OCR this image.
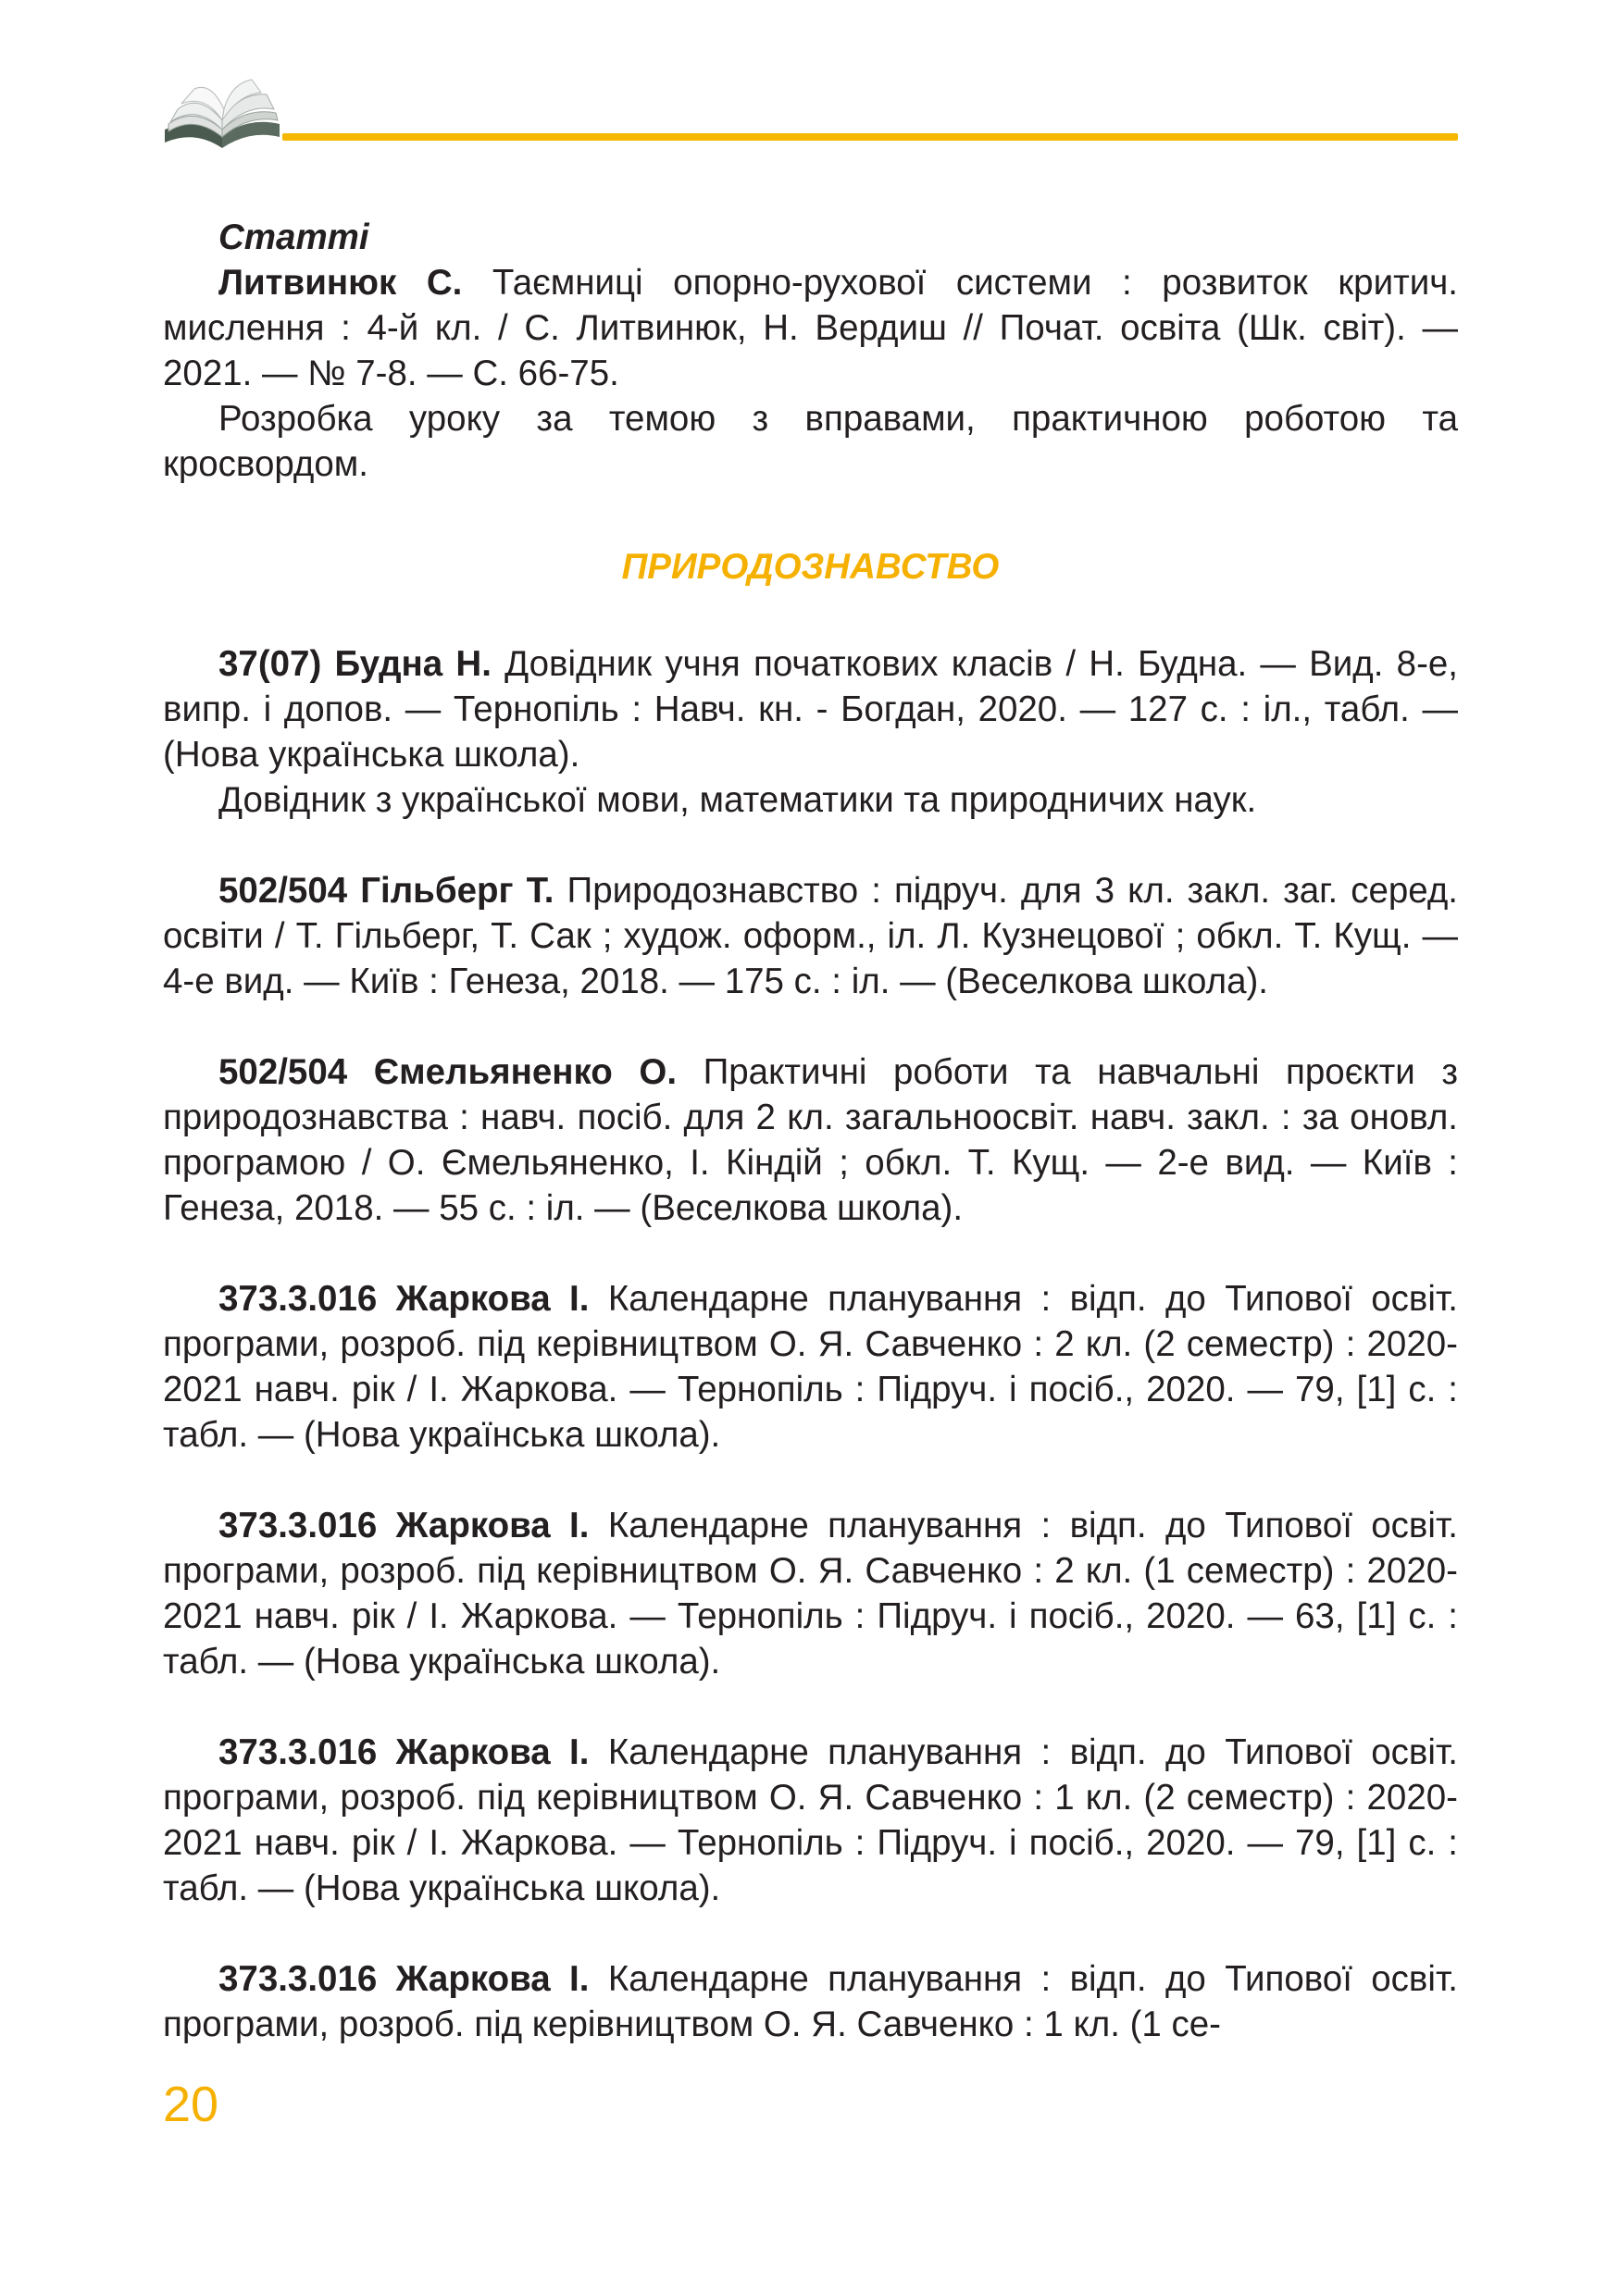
Статті

Литвинюк С. Таємниці опорно-рухової системи : розвиток критич. мислення : 4-й кл. / С. Литвинюк, Н. Вердиш // Почат. освіта (Шк. світ). — 2021. — № 7-8. — С. 66-75.

Розробка уроку за темою з вправами, практичною роботою та кросвордом.

ПРИРОДОЗНАВСТВО

37(07) Будна Н. Довідник учня початкових класів / Н. Будна. — Вид. 8-е, випр. і допов. — Тернопіль : Навч. кн. - Богдан, 2020. — 127 с. : іл., табл. — (Нова українська школа).

Довідник з української мови, математики та природничих наук.

502/504 Гільберг Т. Природознавство : підруч. для 3 кл. закл. заг. серед. освіти / Т. Гільберг, Т. Сак ; худож. оформ., іл. Л. Кузнецової ; обкл. Т. Кущ. — 4-е вид. — Київ : Генеза, 2018. — 175 с. : іл. — (Веселкова школа).

502/504 Ємельяненко О. Практичні роботи та навчальні проєкти з природознавства : навч. посіб. для 2 кл. загальноосвіт. навч. закл. : за оновл. програмою / О. Ємельяненко, І. Кіндій ; обкл. Т. Кущ. — 2-е вид. — Київ : Генеза, 2018. — 55 с. : іл. — (Веселкова школа).

373.3.016 Жаркова І. Календарне планування : відп. до Типової освіт. програми, розроб. під керівництвом О. Я. Савченко : 2 кл. (2 семестр) : 2020-2021 навч. рік / І. Жаркова. — Тернопіль : Підруч. і посіб., 2020. — 79, [1] с. : табл. — (Нова українська школа).

373.3.016 Жаркова І. Календарне планування : відп. до Типової освіт. програми, розроб. під керівництвом О. Я. Савченко : 2 кл. (1 семестр) : 2020-2021 навч. рік / І. Жаркова. — Тернопіль : Підруч. і посіб., 2020. — 63, [1] с. : табл. — (Нова українська школа).

373.3.016 Жаркова І. Календарне планування : відп. до Типової освіт. програми, розроб. під керівництвом О. Я. Савченко : 1 кл. (2 семестр) : 2020-2021 навч. рік / І. Жаркова. — Тернопіль : Підруч. і посіб., 2020. — 79, [1] с. : табл. — (Нова українська школа).

373.3.016 Жаркова І. Календарне планування : відп. до Типової освіт. програми, розроб. під керівництвом О. Я. Савченко : 1 кл. (1 се-

20
